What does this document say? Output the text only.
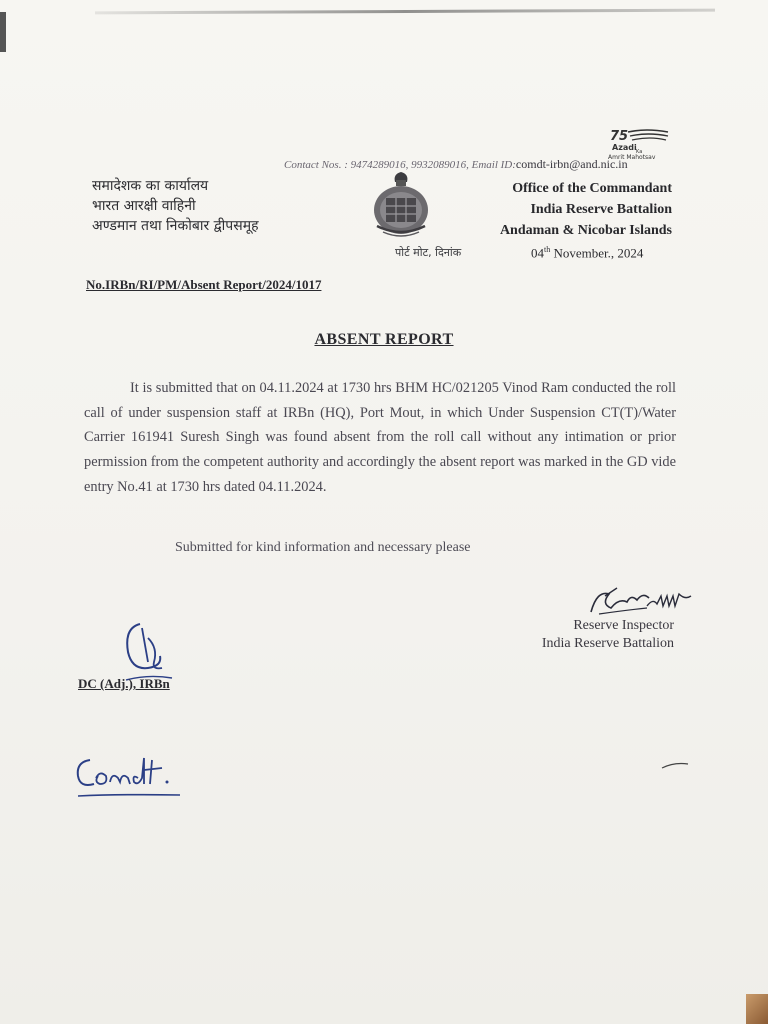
75
Azadi Ka
Amrit Mahotsav
Contact Nos. : 9474289016, 9932089016, Email ID:comdt-irbn@and.nic.in
समादेशक का कार्यालय
भारत आरक्षी वाहिनी
अण्डमान तथा निकोबार द्वीपसमूह
Office of the Commandant
India Reserve Battalion
Andaman & Nicobar Islands
पोर्ट मोट, दिनांक	04th November., 2024
No.IRBn/RI/PM/Absent Report/2024/1017
ABSENT REPORT
It is submitted that on 04.11.2024 at 1730 hrs BHM HC/021205 Vinod Ram conducted the roll call of under suspension staff at IRBn (HQ), Port Mout, in which Under Suspension CT(T)/Water Carrier 161941 Suresh Singh was found absent from the roll call without any intimation or prior permission from the competent authority and accordingly the absent report was marked in the GD vide entry No.41 at 1730 hrs dated 04.11.2024.
Submitted for kind information and necessary please
Reserve Inspector
India Reserve Battalion
DC (Adj.), IRBn
